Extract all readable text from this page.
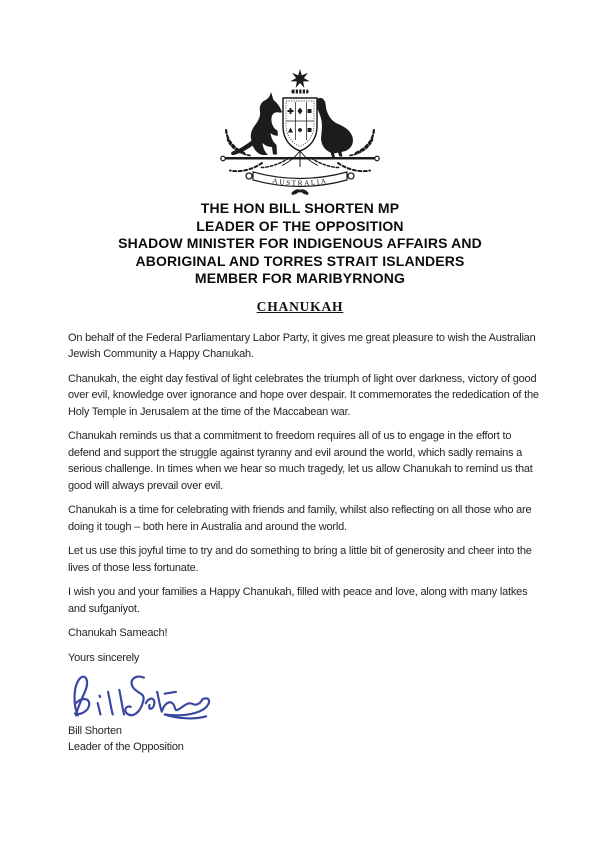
AUSTRALIA
THE HON BILL SHORTEN MP
LEADER OF THE OPPOSITION
SHADOW MINISTER FOR INDIGENOUS AFFAIRS AND
ABORIGINAL AND TORRES STRAIT ISLANDERS
MEMBER FOR MARIBYRNONG
CHANUKAH

On behalf of the Federal Parliamentary Labor Party, it gives me great pleasure to wish the Australian Jewish Community a Happy Chanukah.

Chanukah, the eight day festival of light celebrates the triumph of light over darkness, victory of good over evil, knowledge over ignorance and hope over despair. It commemorates the rededication of the Holy Temple in Jerusalem at the time of the Maccabean war.

Chanukah reminds us that a commitment to freedom requires all of us to engage in the effort to defend and support the struggle against tyranny and evil around the world, which sadly remains a serious challenge. In times when we hear so much tragedy, let us allow Chanukah to remind us that good will always prevail over evil.

Chanukah is a time for celebrating with friends and family, whilst also reflecting on all those who are doing it tough – both here in Australia and around the world.

Let us use this joyful time to try and do something to bring a little bit of generosity and cheer into the lives of those less fortunate.

I wish you and your families a Happy Chanukah, filled with peace and love, along with many latkes and sufganiyot.

Chanukah Sameach!

Yours sincerely

Bill Shorten
Leader of the Opposition
